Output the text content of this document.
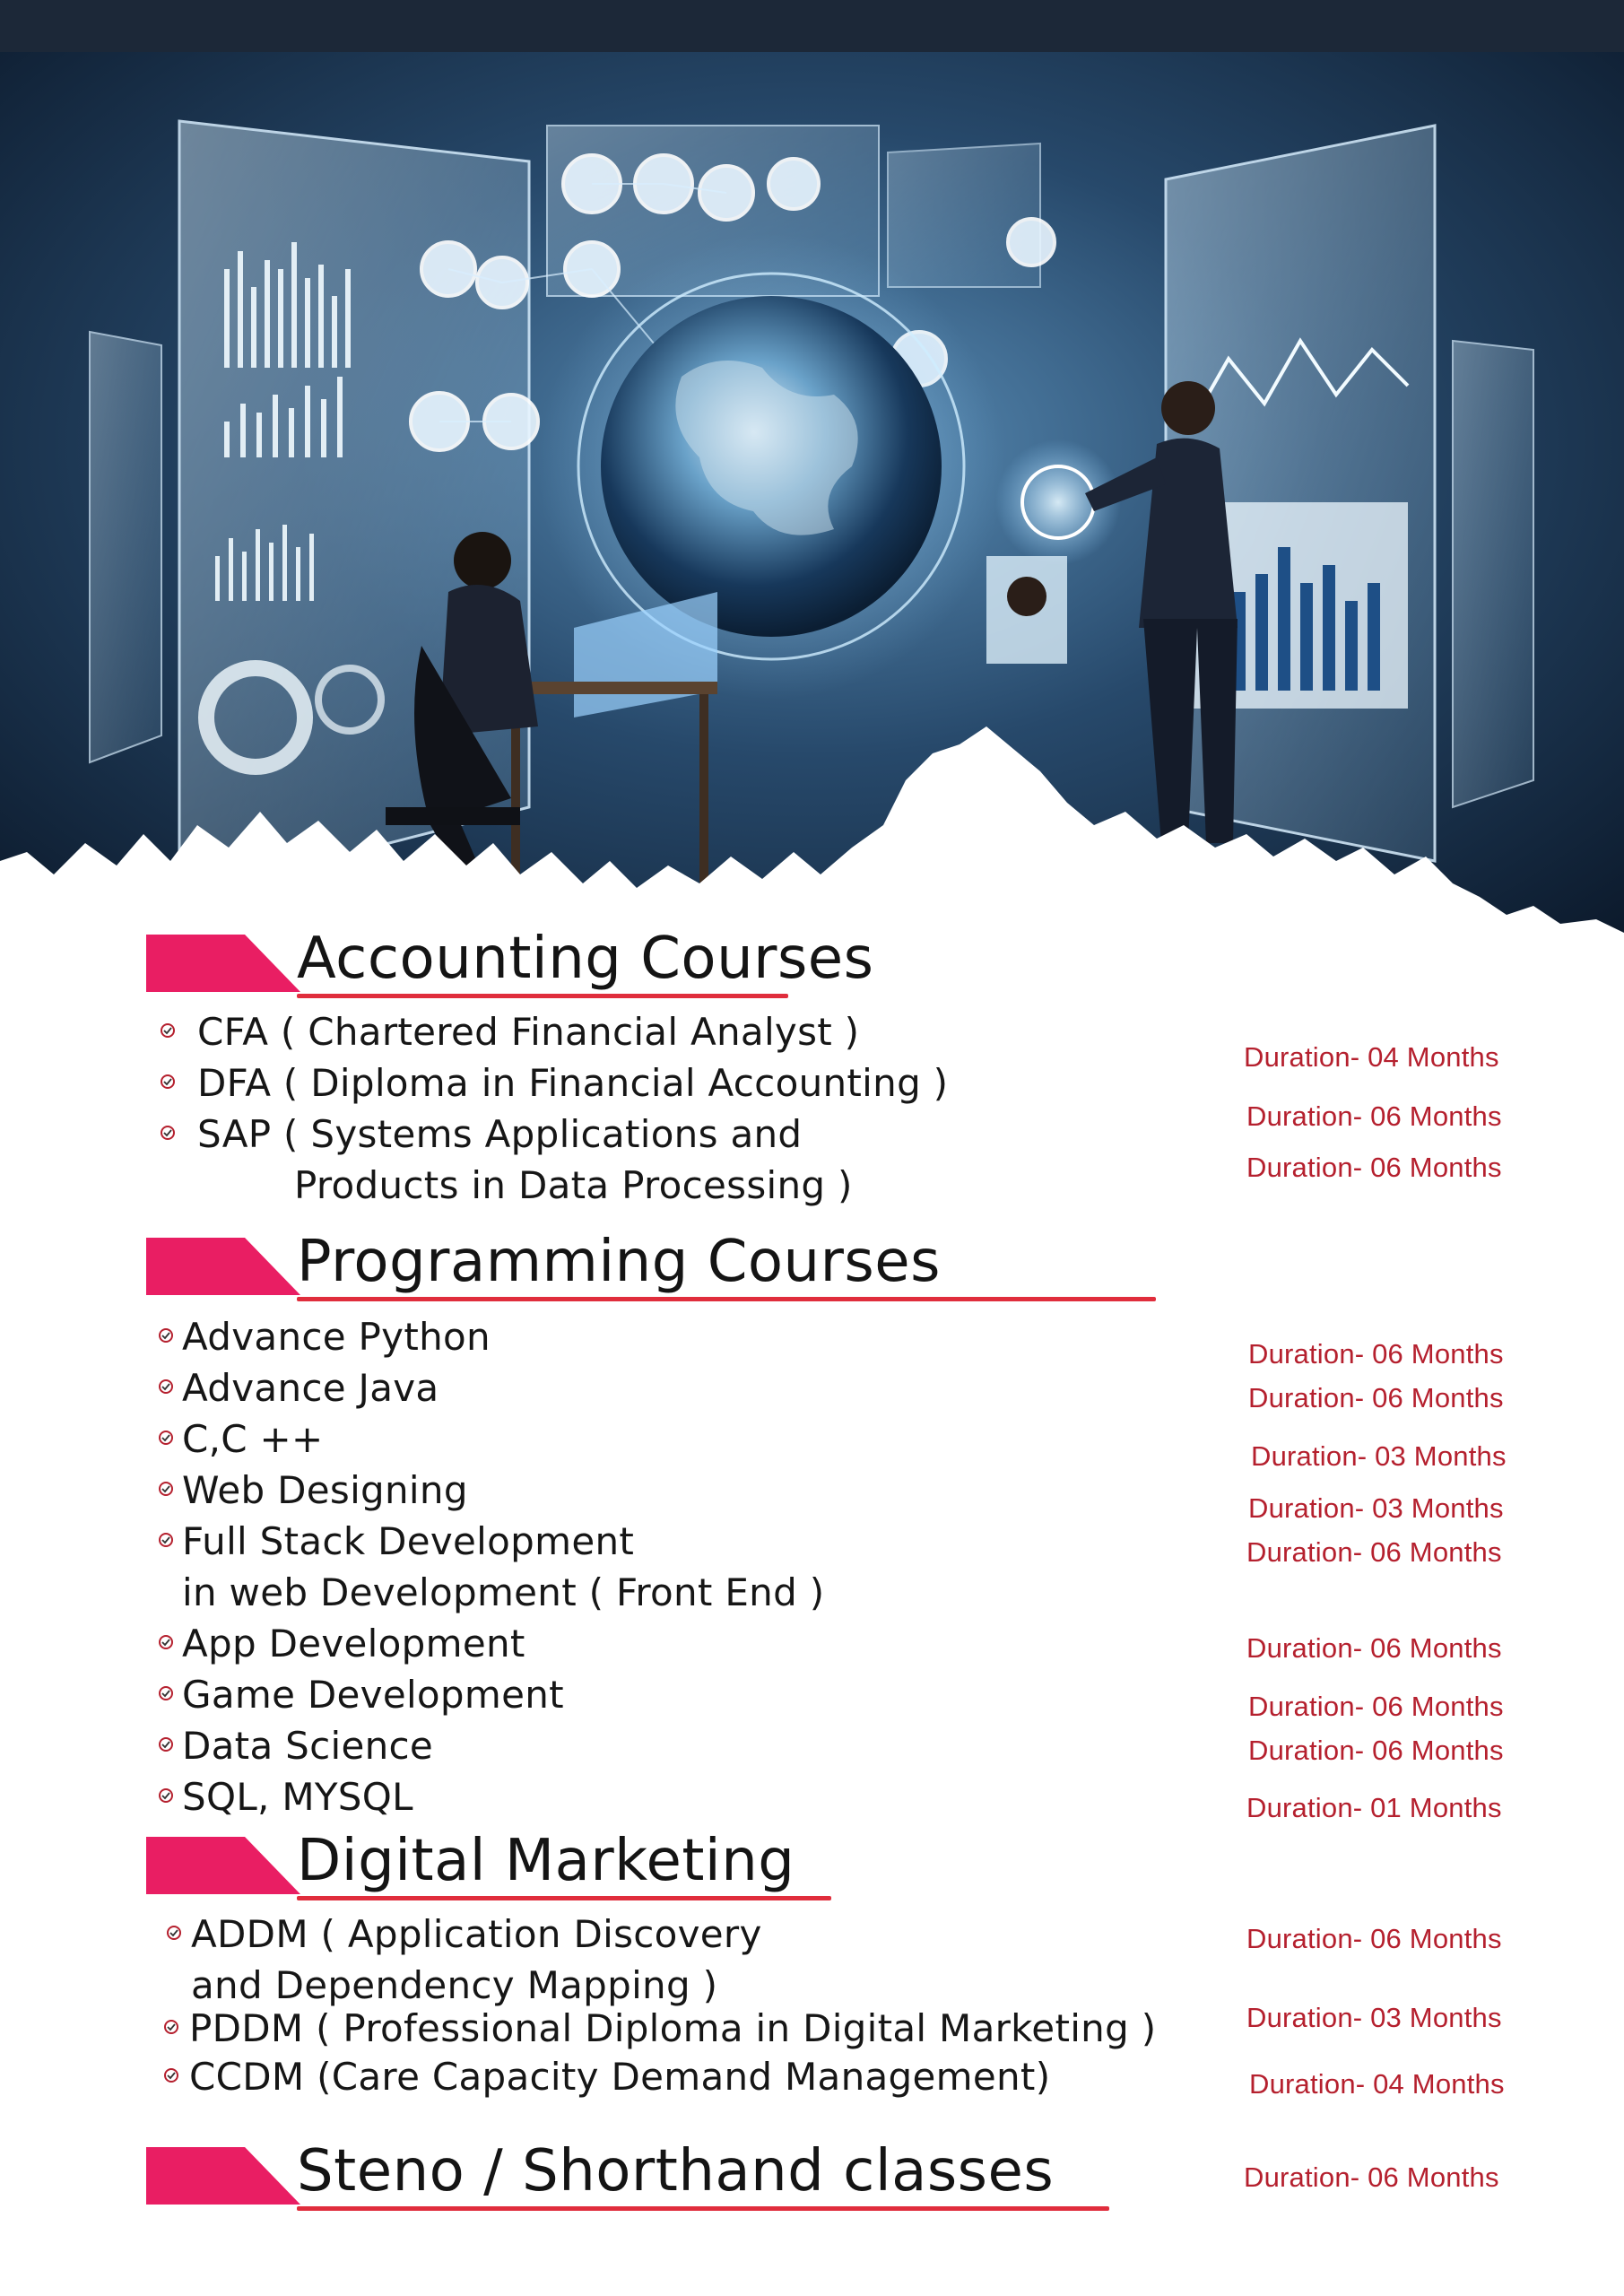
Accounting Courses
CFA ( Chartered Financial Analyst )
DFA ( Diploma in Financial Accounting )
SAP ( Systems Applications and
Products in Data Processing )
Duration- 04 Months
Duration- 06 Months
Duration- 06 Months
Programming Courses
Advance Python
Advance Java
C,C ++
Web Designing
Full Stack Development
in web Development ( Front End )
App Development
Game Development
Data Science
SQL, MYSQL
Duration- 06 Months
Duration- 06 Months
Duration- 03 Months
Duration- 03 Months
Duration- 06 Months
Duration- 06 Months
Duration- 06 Months
Duration- 06 Months
Duration- 01 Months
Digital Marketing
ADDM ( Application Discovery
and Dependency Mapping )
PDDM ( Professional Diploma in Digital Marketing )
CCDM (Care Capacity Demand Management)
Duration- 06 Months
Duration- 03 Months
Duration- 04 Months
Steno / Shorthand classes	Duration- 06 Months
